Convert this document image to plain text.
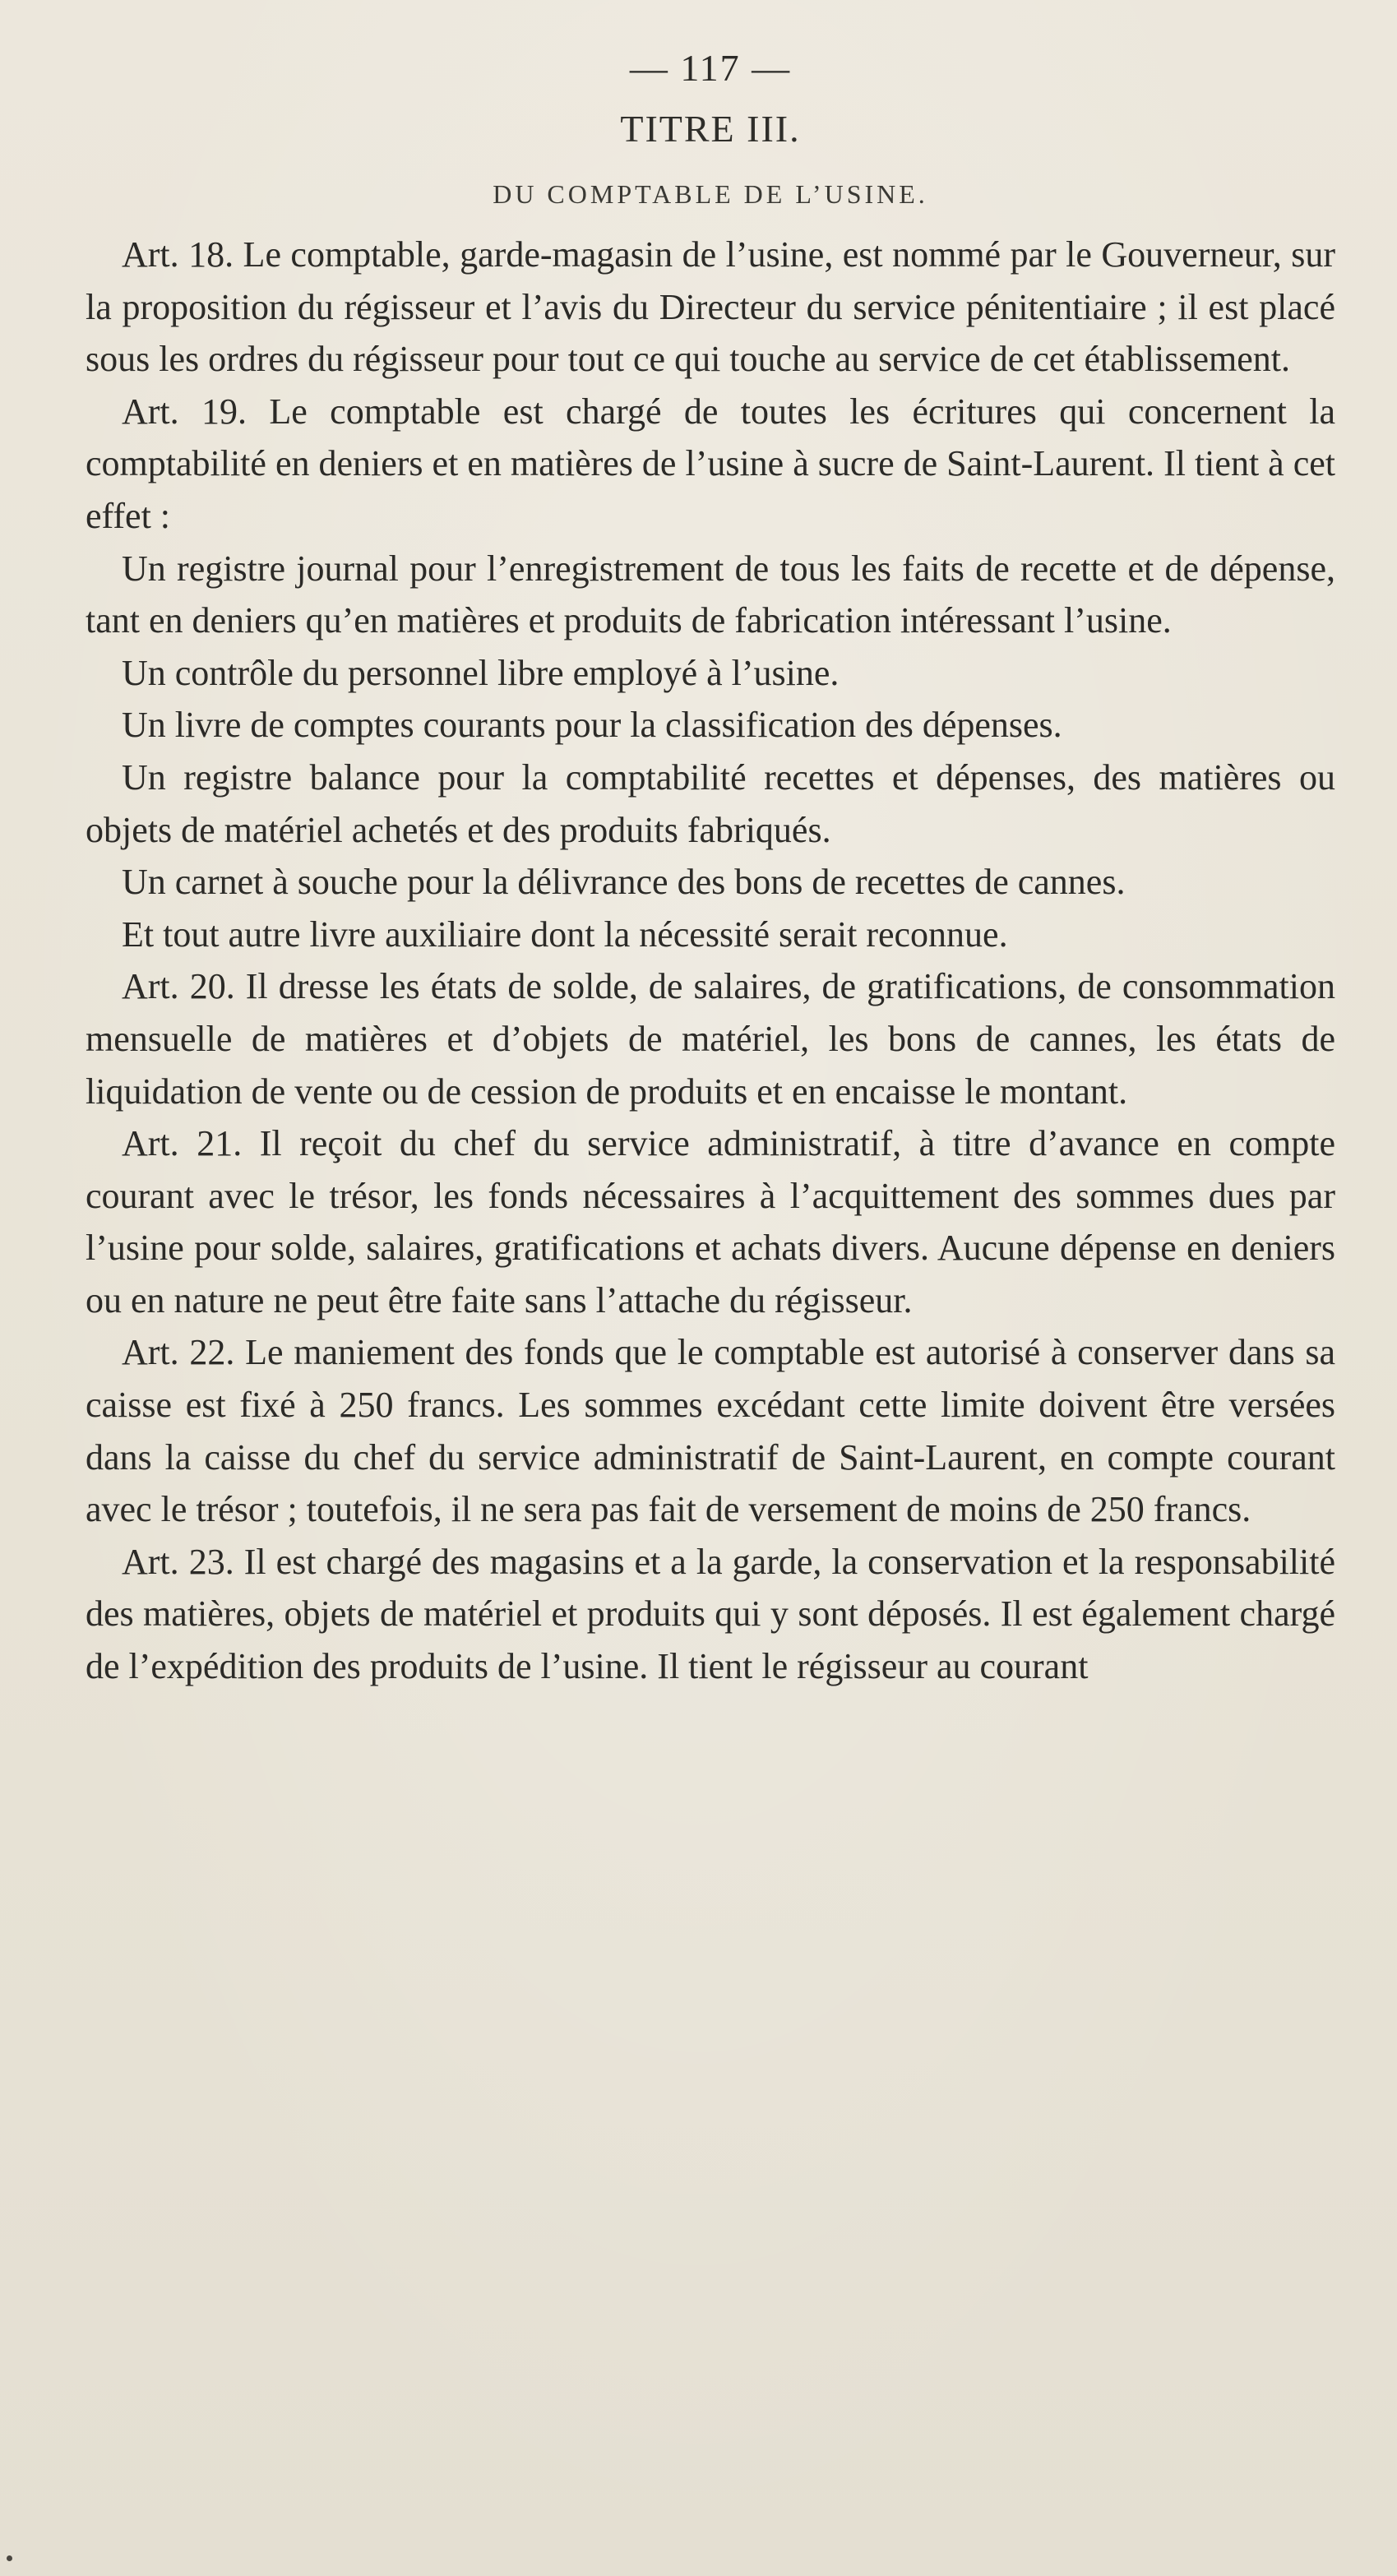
— 117 —
TITRE III.
DU COMPTABLE DE L’USINE.

Art. 18. Le comptable, garde-magasin de l’usine, est nommé par le Gouverneur, sur la proposition du régisseur et l’avis du Directeur du service pénitentiaire ; il est placé sous les ordres du régisseur pour tout ce qui touche au service de cet établissement.

Art. 19. Le comptable est chargé de toutes les écritures qui concernent la comptabilité en deniers et en matières de l’usine à sucre de Saint-Laurent. Il tient à cet effet :

Un registre journal pour l’enregistrement de tous les faits de recette et de dépense, tant en deniers qu’en matières et produits de fabrication intéressant l’usine.

Un contrôle du personnel libre employé à l’usine.

Un livre de comptes courants pour la classification des dépenses.

Un registre balance pour la comptabilité recettes et dépenses, des matières ou objets de matériel achetés et des produits fabriqués.

Un carnet à souche pour la délivrance des bons de recettes de cannes.

Et tout autre livre auxiliaire dont la nécessité serait reconnue.

Art. 20. Il dresse les états de solde, de salaires, de gratifications, de consommation mensuelle de matières et d’objets de matériel, les bons de cannes, les états de liquidation de vente ou de cession de produits et en encaisse le montant.

Art. 21. Il reçoit du chef du service administratif, à titre d’avance en compte courant avec le trésor, les fonds nécessaires à l’acquittement des sommes dues par l’usine pour solde, salaires, gratifications et achats divers. Aucune dépense en deniers ou en nature ne peut être faite sans l’attache du régisseur.

Art. 22. Le maniement des fonds que le comptable est autorisé à conserver dans sa caisse est fixé à 250 francs. Les sommes excédant cette limite doivent être versées dans la caisse du chef du service administratif de Saint-Laurent, en compte courant avec le trésor ; toutefois, il ne sera pas fait de versement de moins de 250 francs.

Art. 23. Il est chargé des magasins et a la garde, la conservation et la responsabilité des matières, objets de matériel et produits qui y sont déposés. Il est également chargé de l’expédition des produits de l’usine. Il tient le régisseur au courant
